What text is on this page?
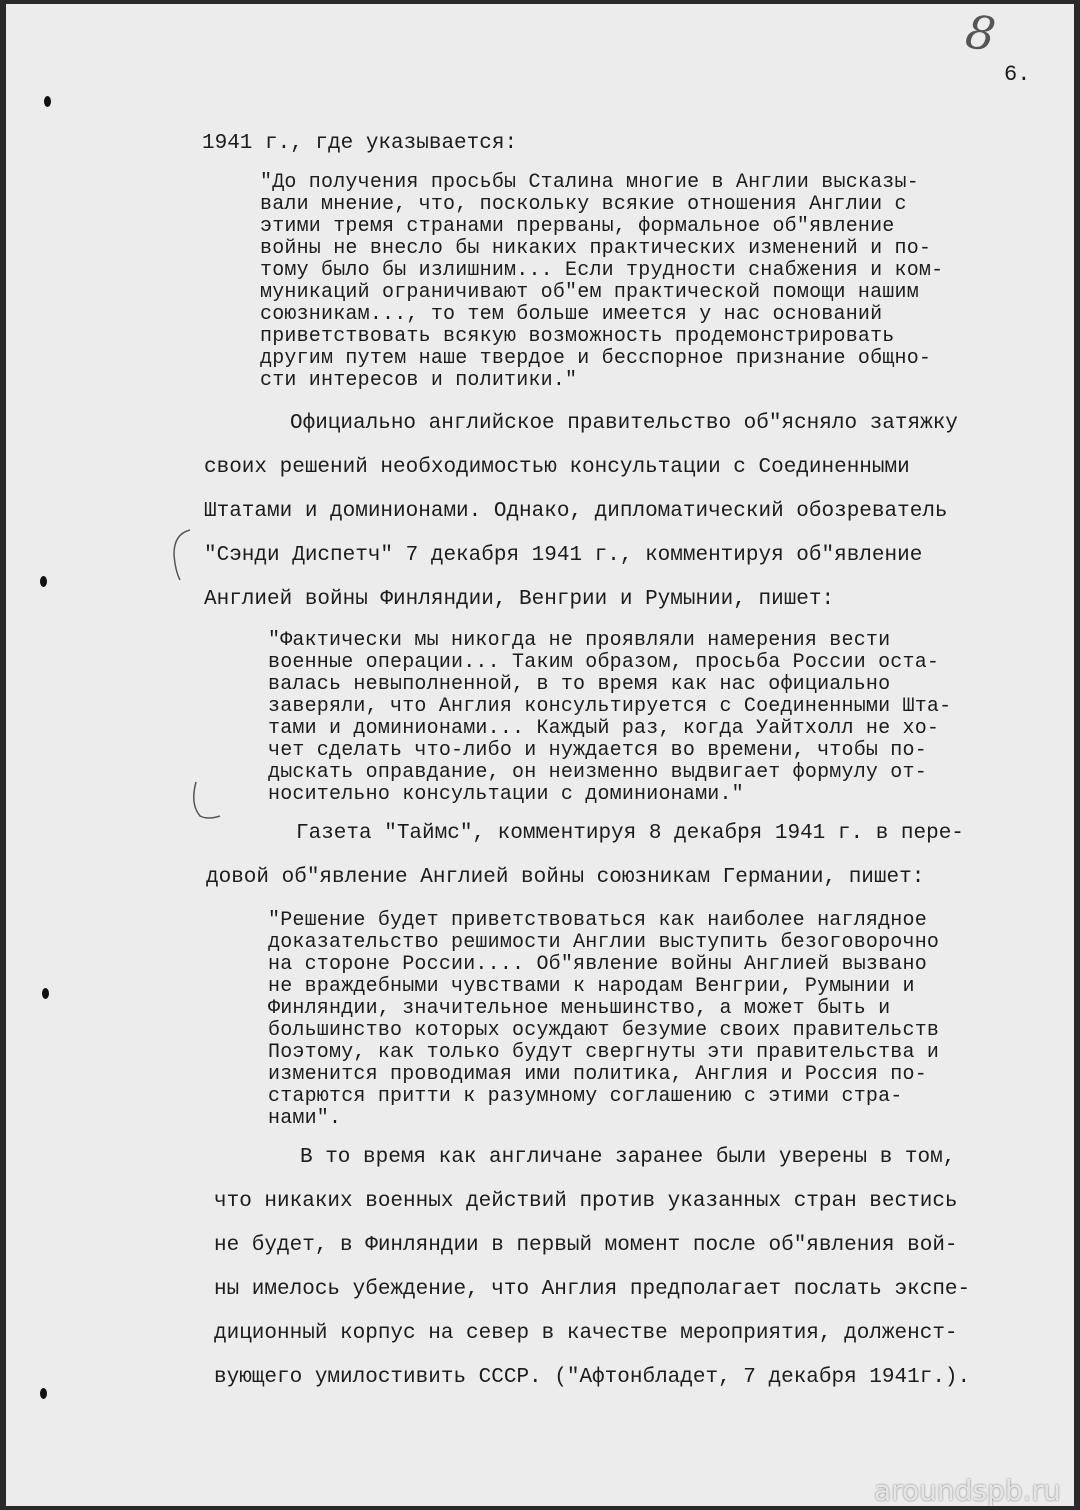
8
6.
1941 г., где указывается:
"До получения просьбы Сталина многие в Англии высказы-
вали мнение, что, поскольку всякие отношения Англии с
этими тремя странами прерваны, формальное об"явление
войны не внесло бы никаких практических изменений и по-
тому было бы излишним... Если трудности снабжения и ком-
муникаций ограничивают об"ем практической помощи нашим
союзникам..., то тем больше имеется у нас оснований
приветствовать всякую возможность продемонстрировать
другим путем наше твердое и бесспорное признание общно-
сти интересов и политики."
Официально английское правительство об"ясняло затяжку
своих решений необходимостью консультации с Соединенными
Штатами и доминионами. Однако, дипломатический обозреватель
"Сэнди Диспетч" 7 декабря 1941 г., комментируя об"явление
Англией войны Финляндии, Венгрии и Румынии, пишет:
"Фактически мы никогда не проявляли намерения вести
военные операции... Таким образом, просьба России оста-
валась невыполненной, в то время как нас официально
заверяли, что Англия консультируется с Соединенными Шта-
тами и доминионами... Каждый раз, когда Уайтхолл не хо-
чет сделать что-либо и нуждается во времени, чтобы по-
дыскать оправдание, он неизменно выдвигает формулу от-
носительно консультации с доминионами."
Газета "Таймс", комментируя 8 декабря 1941 г. в пере-
довой об"явление Англией войны союзникам Германии, пишет:
"Решение будет приветствоваться как наиболее наглядное
доказательство решимости Англии выступить безоговорочно
на стороне России.... Об"явление войны Англией вызвано
не враждебными чувствами к народам Венгрии, Румынии и
Финляндии, значительное меньшинство, а может быть и
большинство которых осуждают безумие своих правительств
Поэтому, как только будут свергнуты эти правительства и
изменится проводимая ими политика, Англия и Россия по-
старются притти к разумному соглашению с этими стра-
нами".
В то время как англичане заранее были уверены в том,
что никаких военных действий против указанных стран вестись
не будет, в Финляндии в первый момент после об"явления вой-
ны имелось убеждение, что Англия предполагает послать экспе-
диционный корпус на север в качестве мероприятия, долженст-
вующего умилостивить СССР. ("Афтонбладет, 7 декабря 1941г.).
aroundspb.ru
